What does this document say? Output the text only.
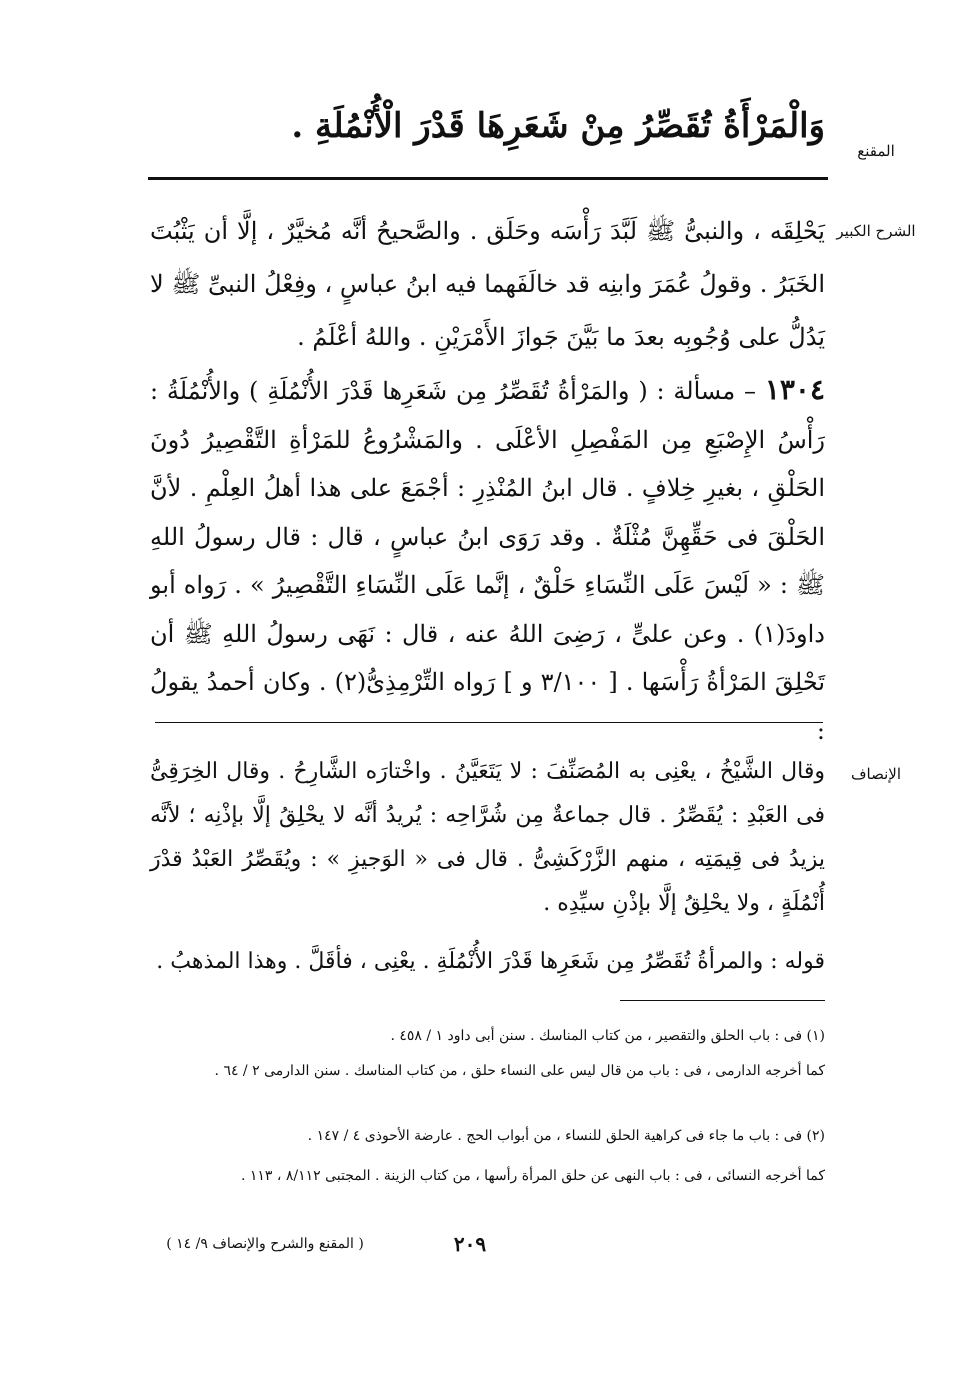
المقنع
الشرح الكبير
الإنصاف
وَالْمَرْأَةُ تُقَصِّرُ مِنْ شَعَرِهَا قَدْرَ الْأُنْمُلَةِ .
يَحْلِقَه ، والنبىُّ ﷺ لَبَّدَ رَأْسَه وحَلَق . والصَّحيحُ أنَّه مُخيَّرٌ ، إلَّا أن يَثْبُتَ الخَبَرُ . وقولُ عُمَرَ وابنِه قد خالَفَهما فيه ابنُ عباسٍ ، وفِعْلُ النبىِّ ﷺ لا يَدُلُّ على وُجُوبِه بعدَ ما بَيَّنَ جَوازَ الأَمْرَيْنِ . واللهُ أعْلَمُ .
١٣٠٤ – مسألة : ( والمَرْأةُ تُقَصِّرُ مِن شَعَرِها قَدْرَ الأُنْمُلَةِ ) والأُنْمُلَةُ : رَأْسُ الإِصْبَعِ مِن المَفْصِلِ الأعْلَى . والمَشْرُوعُ للمَرْأةِ التَّقْصِيرُ دُونَ الحَلْقِ ، بغيرِ خِلافٍ . قال ابنُ المُنْذِرِ : أجْمَعَ على هذا أهلُ العِلْمِ . لأنَّ الحَلْقَ فى حَقِّهِنَّ مُثْلَةٌ . وقد رَوَى ابنُ عباسٍ ، قال : قال رسولُ اللهِ ﷺ : « لَيْسَ عَلَى النِّسَاءِ حَلْقٌ ، إنَّما عَلَى النِّسَاءِ التَّقْصِيرُ » . رَواه أبو داودَ(١) . وعن علىٍّ ، رَضِىَ اللهُ عنه ، قال : نَهَى رسولُ اللهِ ﷺ أن تَحْلِقَ المَرْأةُ رَأْسَها . [ ٣/١٠٠ و ] رَواه التِّرْمِذِىُّ(٢) . وكان أحمدُ يقولُ :
وقال الشَّيْخُ ، يعْنِى به المُصَنِّفَ : لا يَتَعَيَّنُ . واخْتارَه الشَّارِحُ . وقال الخِرَقِىُّ فى العَبْدِ : يُقَصِّرُ . قال جماعةٌ مِن شُرَّاحِه : يُريدُ أنَّه لا يحْلِقُ إلَّا بإذْنِه ؛ لأنَّه يزيدُ فى قِيمَتِه ، منهم الزَّرْكَشِىُّ . قال فى « الوَجيزِ » : ويُقَصِّرُ العَبْدُ قدْرَ أُنْمُلَةٍ ، ولا يحْلِقُ إلَّا بإذْنِ سيِّدِه .
قوله : والمرأةُ تُقَصِّرُ مِن شَعَرِها قَدْرَ الأُنْمُلَةِ . يعْنِى ، فأقَلَّ . وهذا المذهبُ .
(١) فى : باب الحلق والتقصير ، من كتاب المناسك . سنن أبى داود ١ / ٤٥٨ .
كما أخرجه الدارمى ، فى : باب من قال ليس على النساء حلق ، من كتاب المناسك . سنن الدارمى ٢ / ٦٤ .
(٢) فى : باب ما جاء فى كراهية الحلق للنساء ، من أبواب الحج . عارضة الأحوذى ٤ / ١٤٧ .
كما أخرجه النسائى ، فى : باب النهى عن حلق المرأة رأسها ، من كتاب الزينة . المجتبى ٨/١١٢ ، ١١٣ .
٢٠٩
( المقنع والشرح والإنصاف ٩/ ١٤ )
